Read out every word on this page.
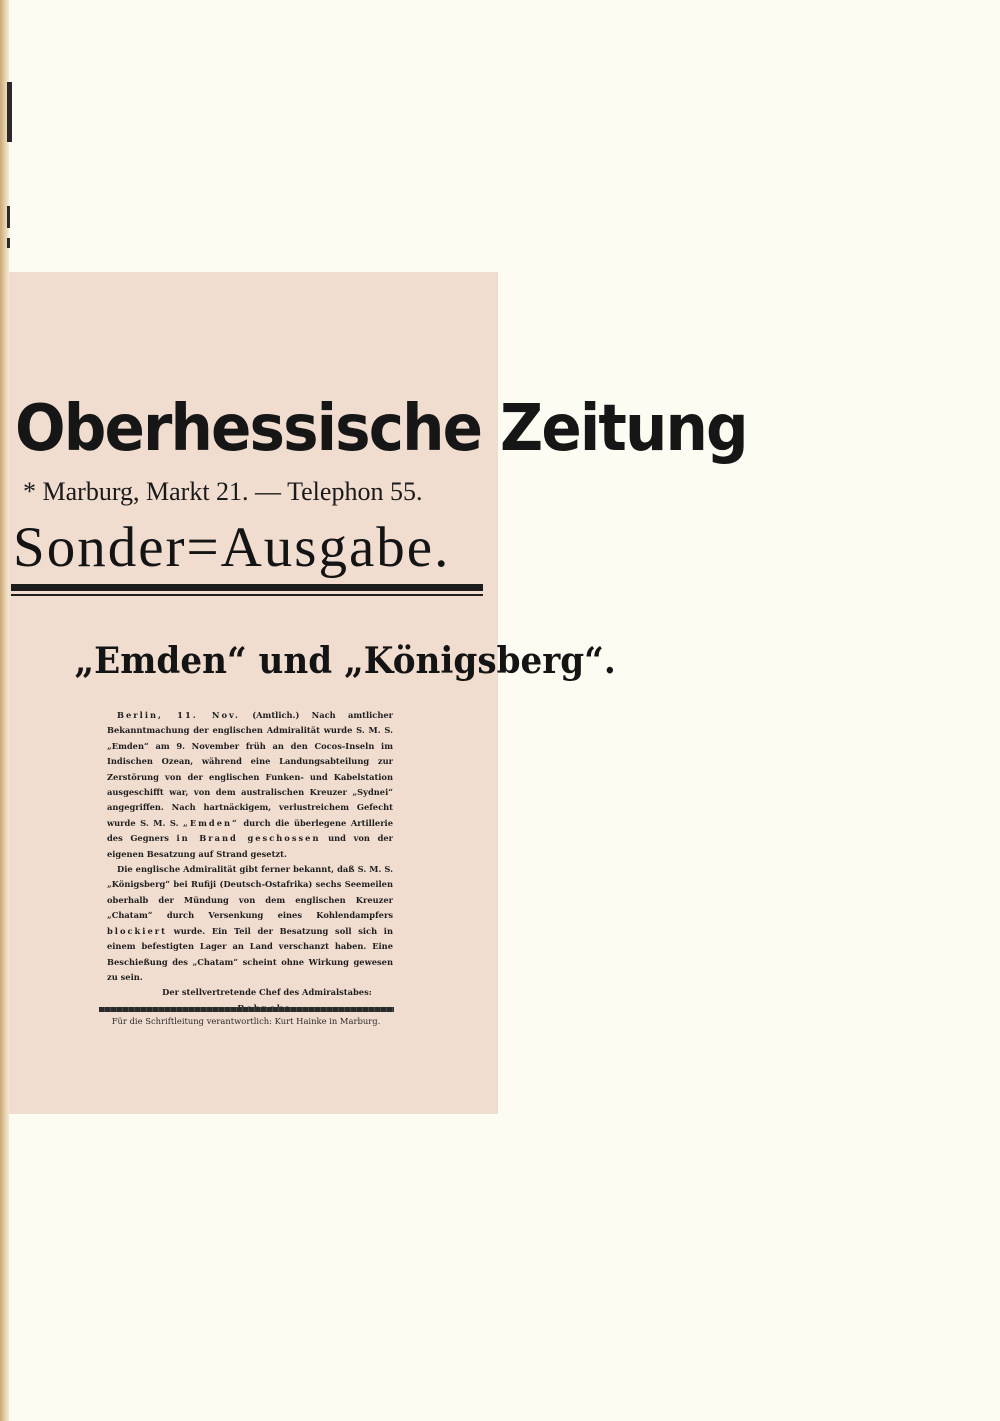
Oberhessische Zeitung
* Marburg, Markt 21. — Telephon 55.
Sonder=Ausgabe.
„Emden“ und „Königsberg“.

Berlin, 11. Nov. (Amtlich.) Nach amtlicher Bekanntmachung der englischen Admiralität wurde S. M. S. „Emden“ am 9. November früh an den Cocos-Inseln im Indischen Ozean, während eine Landungsabteilung zur Zerstörung von der englischen Funken- und Kabelstation ausgeschifft war, von dem australischen Kreuzer „Sydnei“ angegriffen. Nach hartnäckigem, verlustreichem Gefecht wurde S. M. S. „Emden“ durch die überlegene Artillerie des Gegners in Brand geschossen und von der eigenen Besatzung auf Strand gesetzt.

Die englische Admiralität gibt ferner bekannt, daß S. M. S. „Königsberg“ bei Rufiji (Deutsch-Ostafrika) sechs Seemeilen oberhalb der Mündung von dem englischen Kreuzer „Chatam“ durch Versenkung eines Kohlendampfers blockiert wurde. Ein Teil der Besatzung soll sich in einem befestigten Lager an Land verschanzt haben. Eine Beschießung des „Chatam“ scheint ohne Wirkung gewesen zu sein.

Der stellvertretende Chef des Admiralstabes:

Für die Schriftleitung verantwortlich: Kurt Hainke in Marburg.
